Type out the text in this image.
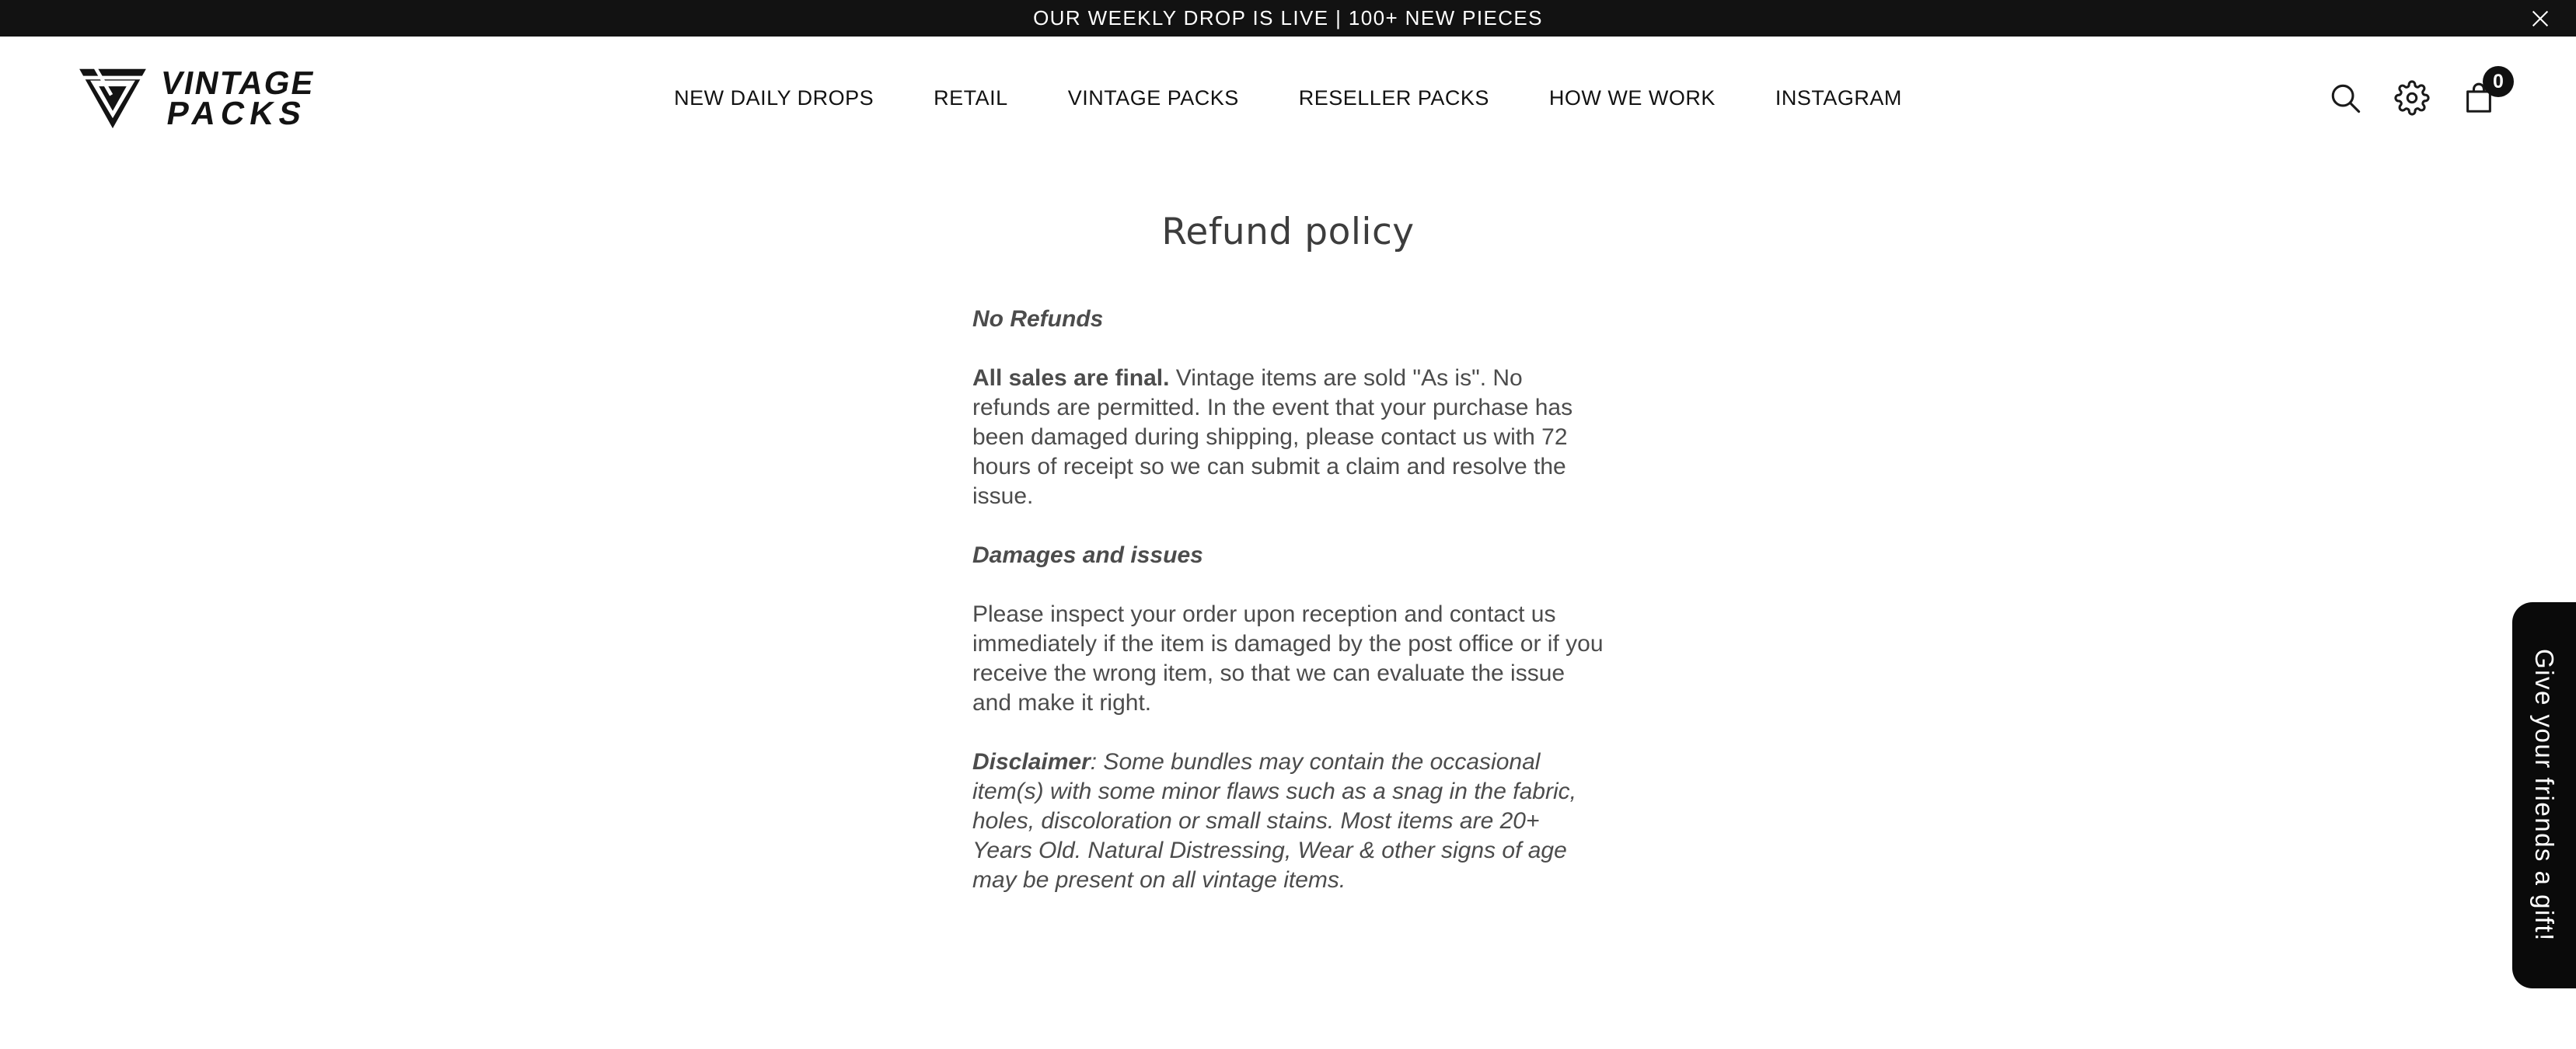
OUR WEEKLY DROP IS LIVE | 100+ NEW PIECES
VINTAGE
PACKS	NEW DAILY DROPS	RETAIL	VINTAGE PACKS	RESELLER PACKS	HOW WE WORK	INSTAGRAM
0
Refund policy

No Refunds

All sales are final. Vintage items are sold "As is". No refunds are permitted. In the event that your purchase has been damaged during shipping, please contact us with 72 hours of receipt so we can submit a claim and resolve the issue.

Damages and issues

Please inspect your order upon reception and contact us immediately if the item is damaged by the post office or if you receive the wrong item, so that we can evaluate the issue and make it right.

Disclaimer: Some bundles may contain the occasional item(s) with some minor flaws such as a snag in the fabric, holes, discoloration or small stains. Most items are 20+ Years Old. Natural Distressing, Wear & other signs of age may be present on all vintage items.	Give your friends a gift!
